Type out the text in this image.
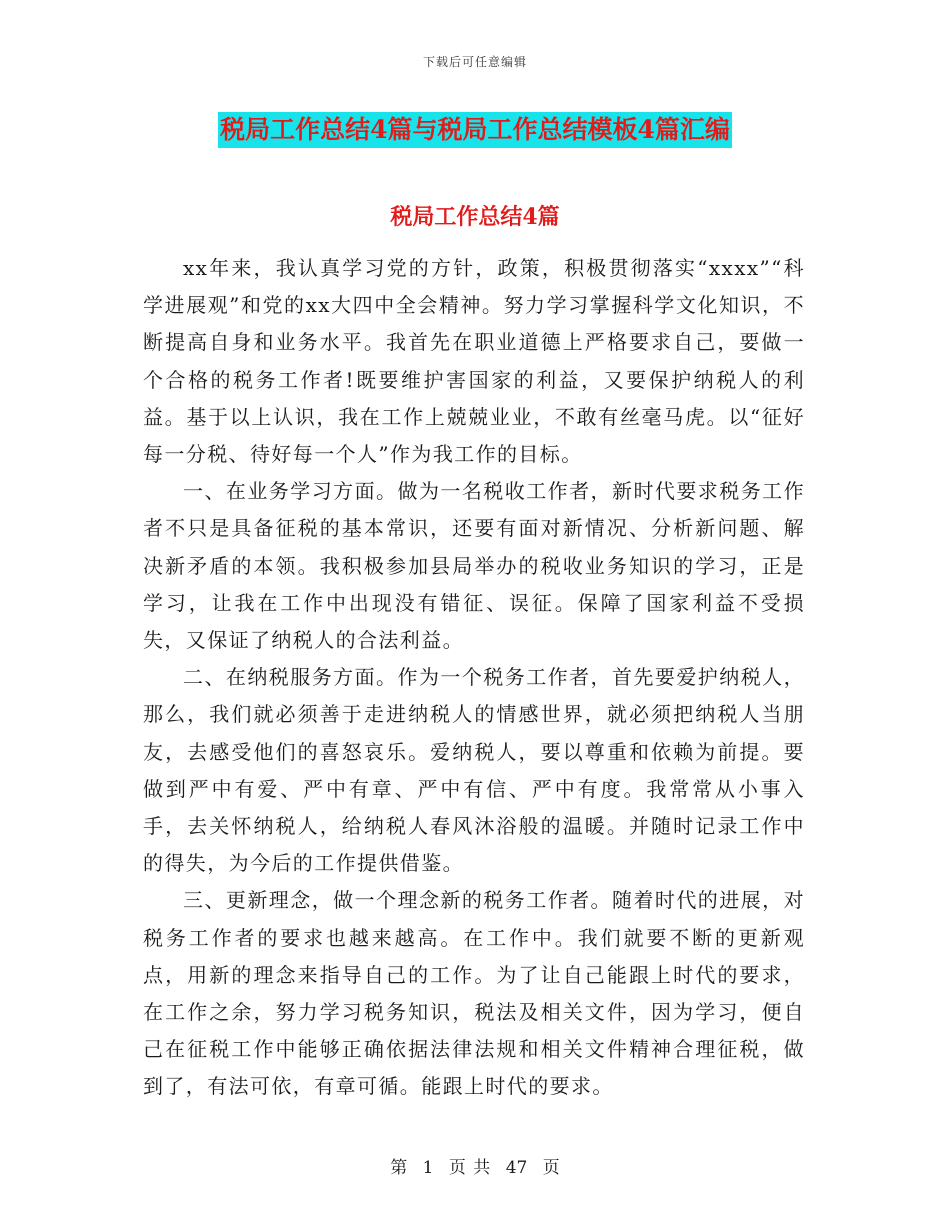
下载后可任意编辑
税局工作总结4篇与税局工作总结模板4篇汇编
税局工作总结4篇

xx年来，我认真学习党的方针，政策，积极贯彻落实“xxxx”“科学进展观”和党的xx大四中全会精神。努力学习掌握科学文化知识，不断提高自身和业务水平。我首先在职业道德上严格要求自己，要做一个合格的税务工作者!既要维护害国家的利益，又要保护纳税人的利益。基于以上认识，我在工作上兢兢业业，不敢有丝毫马虎。以“征好每一分税、待好每一个人”作为我工作的目标。

一、在业务学习方面。做为一名税收工作者，新时代要求税务工作者不只是具备征税的基本常识，还要有面对新情况、分析新问题、解决新矛盾的本领。我积极参加县局举办的税收业务知识的学习，正是学习，让我在工作中出现没有错征、误征。保障了国家利益不受损失，又保证了纳税人的合法利益。

二、在纳税服务方面。作为一个税务工作者，首先要爱护纳税人，那么，我们就必须善于走进纳税人的情感世界，就必须把纳税人当朋友，去感受他们的喜怒哀乐。爱纳税人，要以尊重和依赖为前提。要做到严中有爱、严中有章、严中有信、严中有度。我常常从小事入手，去关怀纳税人，给纳税人春风沐浴般的温暖。并随时记录工作中的得失，为今后的工作提供借鉴。

三、更新理念，做一个理念新的税务工作者。随着时代的进展，对税务工作者的要求也越来越高。在工作中。我们就要不断的更新观点，用新的理念来指导自己的工作。为了让自己能跟上时代的要求，在工作之余，努力学习税务知识，税法及相关文件，因为学习，便自己在征税工作中能够正确依据法律法规和相关文件精神合理征税，做到了，有法可依，有章可循。能跟上时代的要求。

第 1 页 共 47 页
